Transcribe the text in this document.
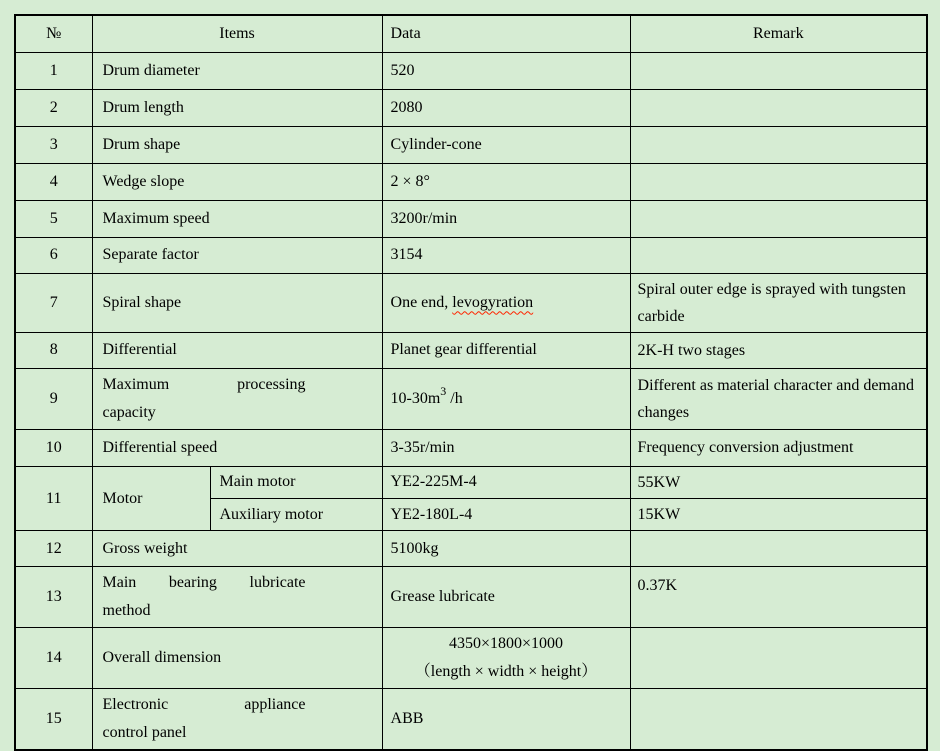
№	Items		Data	Remark
1	Drum diameter		520	
2	Drum length		2080	
3	Drum shape		Cylinder-cone	
4	Wedge slope		2 × 8°	
5	Maximum speed		3200r/min	
6	Separate factor		3154	
7	Spiral shape		One end, levogyration	Spiral outer edge is sprayed with tungsten carbide
8	Differential		Planet gear differential	2K-H two stages
9	Maximum processing
capacity		$10-30m^3$ /h	Different as material character and demand changes
10	Differential speed		3-35r/min	Frequency conversion adjustment
11	Motor	Main motor	YE2-225M-4	55KW
		Auxiliary motor	YE2-180L-4	15KW
12	Gross weight		5100kg	
13	Main bearing lubricate
method		Grease lubricate	0.37K
14	Overall dimension		4350×1800×1000
（length × width × height）	

15	Electronic appliance
control panel		ABB	
